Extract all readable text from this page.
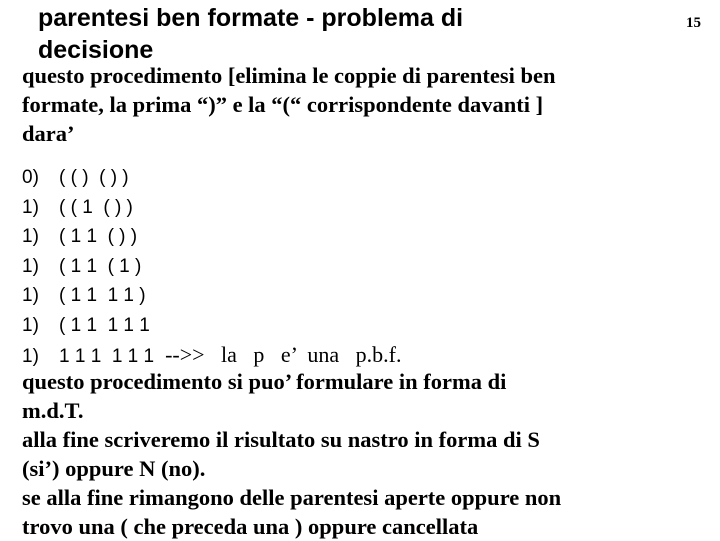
parentesi ben formate - problema di
decisione
15
questo procedimento [elimina le coppie di parentesi ben
formate, la prima “)” e la “(“ corrispondente davanti ]
dara’
0) ( ( )  ( ) )
1) ( ( 1  ( ) )
1) ( 1 1  ( ) )
1) ( 1 1  ( 1 )
1) ( 1 1  1 1 )
1) ( 1 1  1 1 1
1) 1 1 1  1 1 1  -->>   la   p   e’  una   p.b.f.
questo procedimento si puo’ formulare in forma di
m.d.T.
alla fine scriveremo il risultato su nastro in forma di S
(si’) oppure N (no).
se alla fine rimangono delle parentesi aperte oppure non
trovo una ( che preceda una ) oppure cancellata
